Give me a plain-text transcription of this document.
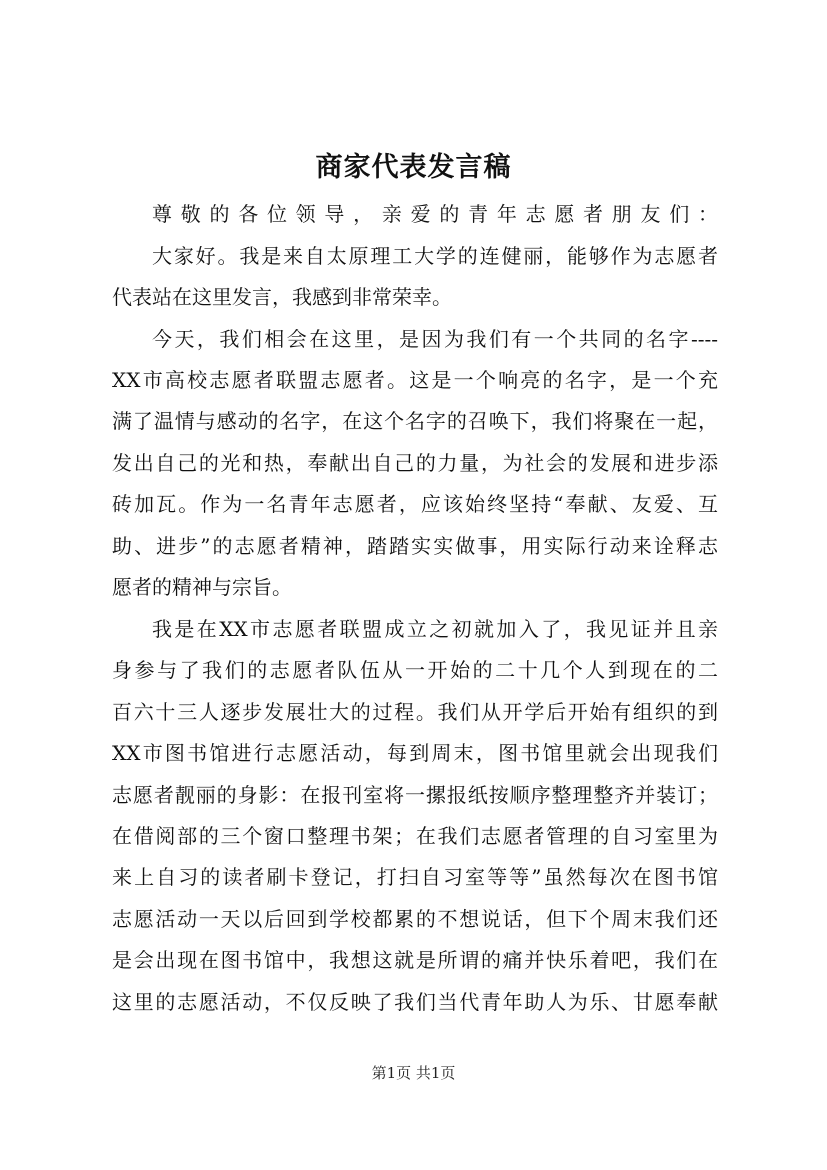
商家代表发言稿
尊敬的各位领导，亲爱的青年志愿者朋友们：
大家好。我是来自太原理工大学的连健丽，能够作为志愿者
代表站在这里发言，我感到非常荣幸。
今天，我们相会在这里，是因为我们有一个共同的名字----
XX市高校志愿者联盟志愿者。这是一个响亮的名字，是一个充
满了温情与感动的名字，在这个名字的召唤下，我们将聚在一起，
发出自己的光和热，奉献出自己的力量，为社会的发展和进步添
砖加瓦。作为一名青年志愿者，应该始终坚持“奉献、友爱、互
助、进步”的志愿者精神，踏踏实实做事，用实际行动来诠释志
愿者的精神与宗旨。
我是在XX市志愿者联盟成立之初就加入了，我见证并且亲
身参与了我们的志愿者队伍从一开始的二十几个人到现在的二
百六十三人逐步发展壮大的过程。我们从开学后开始有组织的到
XX市图书馆进行志愿活动，每到周末，图书馆里就会出现我们
志愿者靓丽的身影：在报刊室将一摞报纸按顺序整理整齐并装订；
在借阅部的三个窗口整理书架；在我们志愿者管理的自习室里为
来上自习的读者刷卡登记，打扫自习室等等”虽然每次在图书馆
志愿活动一天以后回到学校都累的不想说话，但下个周末我们还
是会出现在图书馆中，我想这就是所谓的痛并快乐着吧，我们在
这里的志愿活动，不仅反映了我们当代青年助人为乐、甘愿奉献
第1页 共1页
